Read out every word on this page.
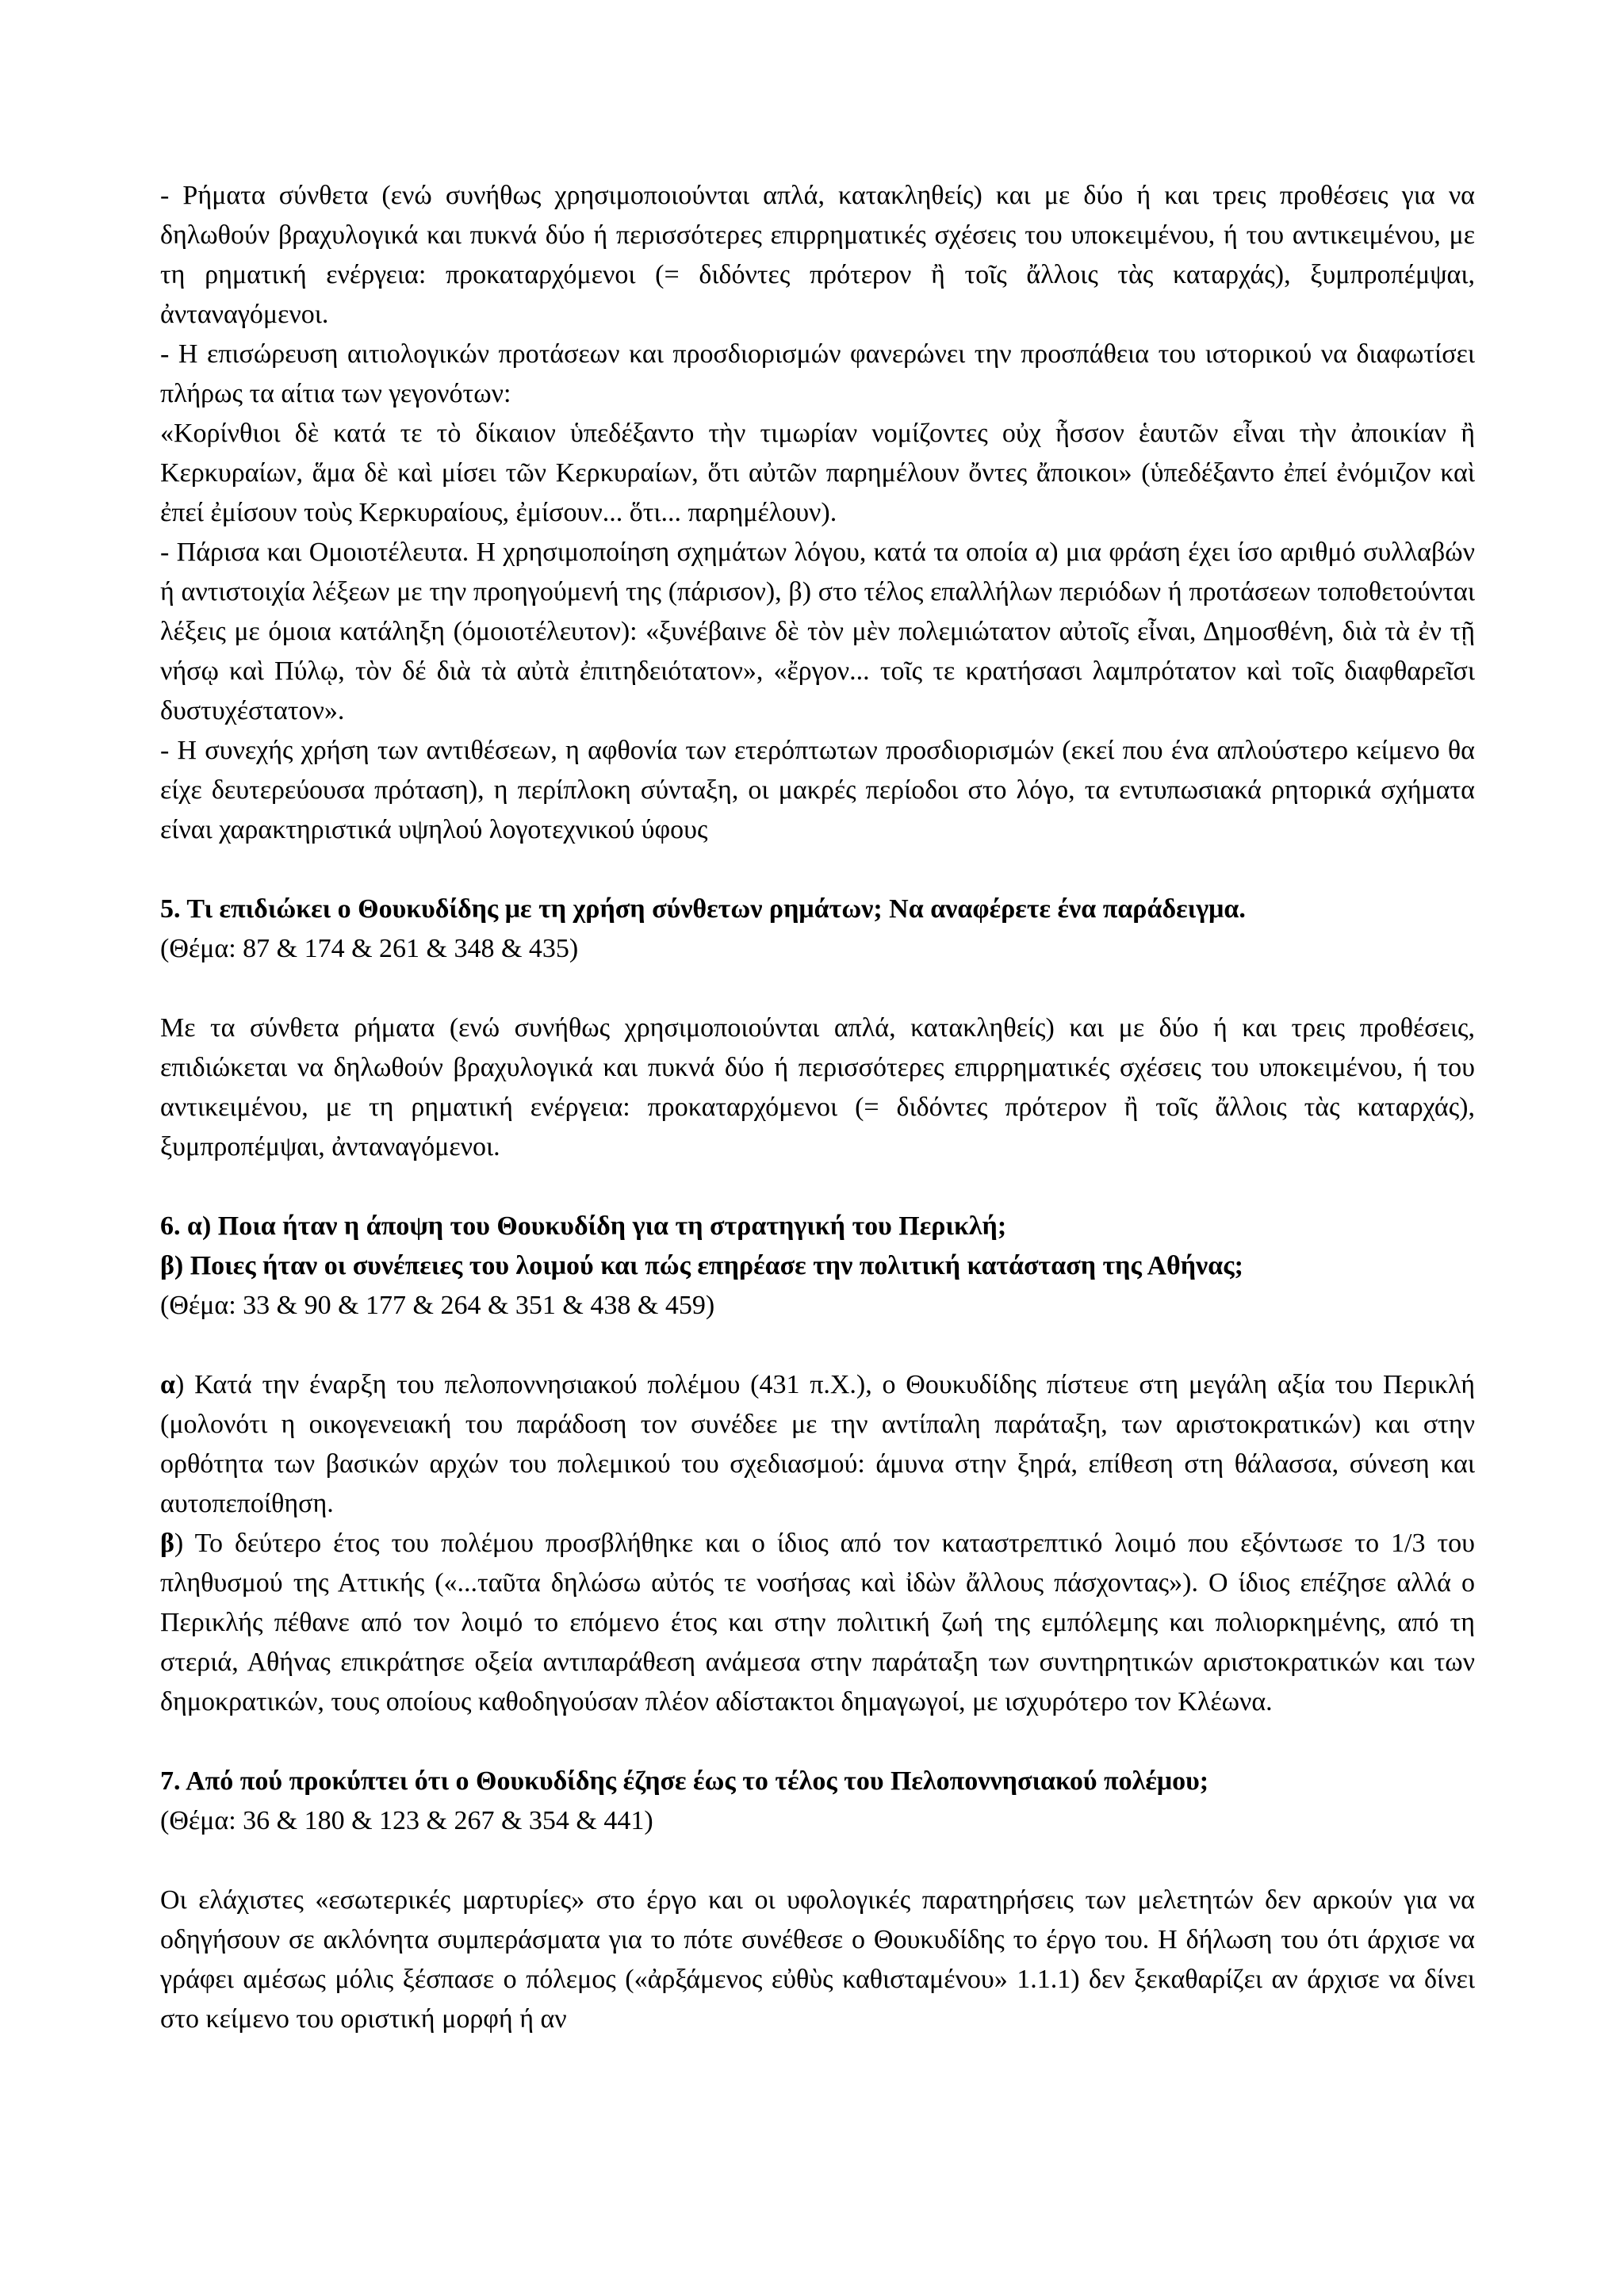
- Ρήματα σύνθετα (ενώ συνήθως χρησιμοποιούνται απλά, κατακληθείς) και με δύο ή και τρεις προθέσεις για να δηλωθούν βραχυλογικά και πυκνά δύο ή περισσότερες επιρρηματικές σχέσεις του υποκειμένου, ή του αντικειμένου, με τη ρηματική ενέργεια: προκαταρχόμενοι (= διδόντες πρότερον ἢ τοῖς ἄλλοις τὰς καταρχάς), ξυμπροπέμψαι, ἀνταναγόμενοι.

- Η επισώρευση αιτιολογικών προτάσεων και προσδιορισμών φανερώνει την προσπάθεια του ιστορικού να διαφωτίσει πλήρως τα αίτια των γεγονότων:

«Κορίνθιοι δὲ κατά τε τὸ δίκαιον ὑπεδέξαντο τὴν τιμωρίαν νομίζοντες οὐχ ἧσσον ἑαυτῶν εἶναι τὴν ἀποικίαν ἢ Κερκυραίων, ἅμα δὲ καὶ μίσει τῶν Κερκυραίων, ὅτι αὐτῶν παρημέλουν ὄντες ἄποικοι» (ὑπεδέξαντο ἐπεί ἐνόμιζον καὶ ἐπεί ἐμίσουν τοὺς Κερκυραίους, ἐμίσουν... ὅτι... παρημέλουν).

- Πάρισα και Ομοιοτέλευτα. Η χρησιμοποίηση σχημάτων λόγου, κατά τα οποία α) μια φράση έχει ίσο αριθμό συλλαβών ή αντιστοιχία λέξεων με την προηγούμενή της (πάρισον), β) στο τέλος επαλλήλων περιόδων ή προτάσεων τοποθετούνται λέξεις με όμοια κατάληξη (όμοιοτέλευτον): «ξυνέβαινε δὲ τὸν μὲν πολεμιώτατον αὐτοῖς εἶναι, Δημοσθένη, διὰ τὰ ἐν τῇ νήσῳ καὶ Πύλῳ, τὸν δέ διὰ τὰ αὐτὰ ἐπιτηδειότατον», «ἔργον... τοῖς τε κρατήσασι λαμπρότατον καὶ τοῖς διαφθαρεῖσι δυστυχέστατον».

- Η συνεχής χρήση των αντιθέσεων, η αφθονία των ετερόπτωτων προσδιορισμών (εκεί που ένα απλούστερο κείμενο θα είχε δευτερεύουσα πρόταση), η περίπλοκη σύνταξη, οι μακρές περίοδοι στο λόγο, τα εντυπωσιακά ρητορικά σχήματα είναι χαρακτηριστικά υψηλού λογοτεχνικού ύφους

5. Τι επιδιώκει ο Θουκυδίδης με τη χρήση σύνθετων ρημάτων; Να αναφέρετε ένα παράδειγμα.

(Θέμα: 87 & 174 & 261 & 348 & 435)

Με τα σύνθετα ρήματα (ενώ συνήθως χρησιμοποιούνται απλά, κατακληθείς) και με δύο ή και τρεις προθέσεις, επιδιώκεται να δηλωθούν βραχυλογικά και πυκνά δύο ή περισσότερες επιρρηματικές σχέσεις του υποκειμένου, ή του αντικειμένου, με τη ρηματική ενέργεια: προκαταρχόμενοι (= διδόντες πρότερον ἢ τοῖς ἄλλοις τὰς καταρχάς), ξυμπροπέμψαι, ἀνταναγόμενοι.

6. α) Ποια ήταν η άποψη του Θουκυδίδη για τη στρατηγική του Περικλή;

β) Ποιες ήταν οι συνέπειες του λοιμού και πώς επηρέασε την πολιτική κατάσταση της Αθήνας;

(Θέμα: 33 & 90 & 177 & 264 & 351 & 438 & 459)

α) Κατά την έναρξη του πελοποννησιακού πολέμου (431 π.Χ.), ο Θουκυδίδης πίστευε στη μεγάλη αξία του Περικλή (μολονότι η οικογενειακή του παράδοση τον συνέδεε με την αντίπαλη παράταξη, των αριστοκρατικών) και στην ορθότητα των βασικών αρχών του πολεμικού του σχεδιασμού: άμυνα στην ξηρά, επίθεση στη θάλασσα, σύνεση και αυτοπεποίθηση.

β) Το δεύτερο έτος του πολέμου προσβλήθηκε και ο ίδιος από τον καταστρεπτικό λοιμό που εξόντωσε το 1/3 του πληθυσμού της Αττικής («...ταῦτα δηλώσω αὐτός τε νοσήσας καὶ ἰδὼν ἄλλους πάσχοντας»). Ο ίδιος επέζησε αλλά ο Περικλής πέθανε από τον λοιμό το επόμενο έτος και στην πολιτική ζωή της εμπόλεμης και πολιορκημένης, από τη στεριά, Αθήνας επικράτησε οξεία αντιπαράθεση ανάμεσα στην παράταξη των συντηρητικών αριστοκρατικών και των δημοκρατικών, τους οποίους καθοδηγούσαν πλέον αδίστακτοι δημαγωγοί, με ισχυρότερο τον Κλέωνα.

7. Από πού προκύπτει ότι ο Θουκυδίδης έζησε έως το τέλος του Πελοποννησιακού πολέμου;

(Θέμα: 36 & 180 & 123 & 267 & 354 & 441)

Οι ελάχιστες «εσωτερικές μαρτυρίες» στο έργο και οι υφολογικές παρατηρήσεις των μελετητών δεν αρκούν για να οδηγήσουν σε ακλόνητα συμπεράσματα για το πότε συνέθεσε ο Θουκυδίδης το έργο του. Η δήλωση του ότι άρχισε να γράφει αμέσως μόλις ξέσπασε ο πόλεμος («ἀρξάμενος εὐθὺς καθισταμένου» 1.1.1) δεν ξεκαθαρίζει αν άρχισε να δίνει στο κείμενο του οριστική μορφή ή αν
